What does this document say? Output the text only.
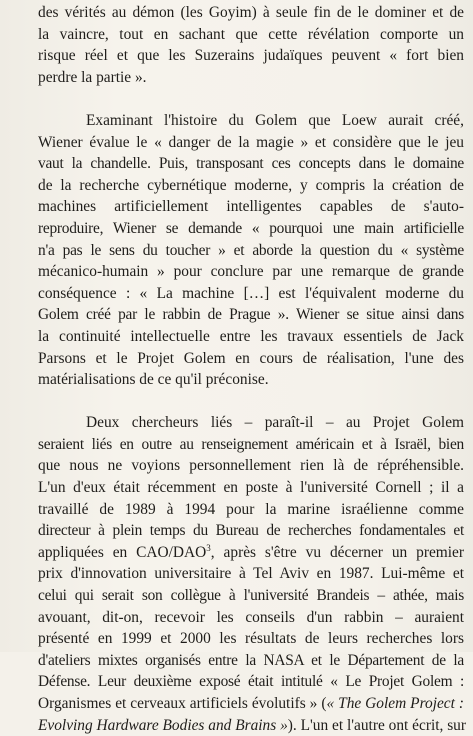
des vérités au démon (les Goyim) à seule fin de le dominer et de
la vaincre, tout en sachant que cette révélation comporte un
risque réel et que les Suzerains judaïques peuvent « fort bien
perdre la partie ».

Examinant l'histoire du Golem que Loew aurait créé,
Wiener évalue le « danger de la magie » et considère que le jeu
vaut la chandelle. Puis, transposant ces concepts dans le domaine
de la recherche cybernétique moderne, y compris la création de
machines artificiellement intelligentes capables de s'auto-
reproduire, Wiener se demande « pourquoi une main artificielle
n'a pas le sens du toucher » et aborde la question du « système
mécanico-humain » pour conclure par une remarque de grande
conséquence : « La machine […] est l'équivalent moderne du
Golem créé par le rabbin de Prague ». Wiener se situe ainsi dans
la continuité intellectuelle entre les travaux essentiels de Jack
Parsons et le Projet Golem en cours de réalisation, l'une des
matérialisations de ce qu'il préconise.

Deux chercheurs liés – paraît-il – au Projet Golem
seraient liés en outre au renseignement américain et à Israël, bien
que nous ne voyions personnellement rien là de répréhensible.
L'un d'eux était récemment en poste à l'université Cornell ; il a
travaillé de 1989 à 1994 pour la marine israélienne comme
directeur à plein temps du Bureau de recherches fondamentales et
appliquées en CAO/DAO$^3$, après s'être vu décerner un premier
prix d'innovation universitaire à Tel Aviv en 1987. Lui-même et
celui qui serait son collègue à l'université Brandeis – athée, mais
avouant, dit-on, recevoir les conseils d'un rabbin – auraient
présenté en 1999 et 2000 les résultats de leurs recherches lors
d'ateliers mixtes organisés entre la NASA et le Département de la
Défense. Leur deuxième exposé était intitulé « Le Projet Golem :
Organismes et cerveaux artificiels évolutifs » (« The Golem Project :
Evolving Hardware Bodies and Brains »). L'un et l'autre ont écrit, sur
